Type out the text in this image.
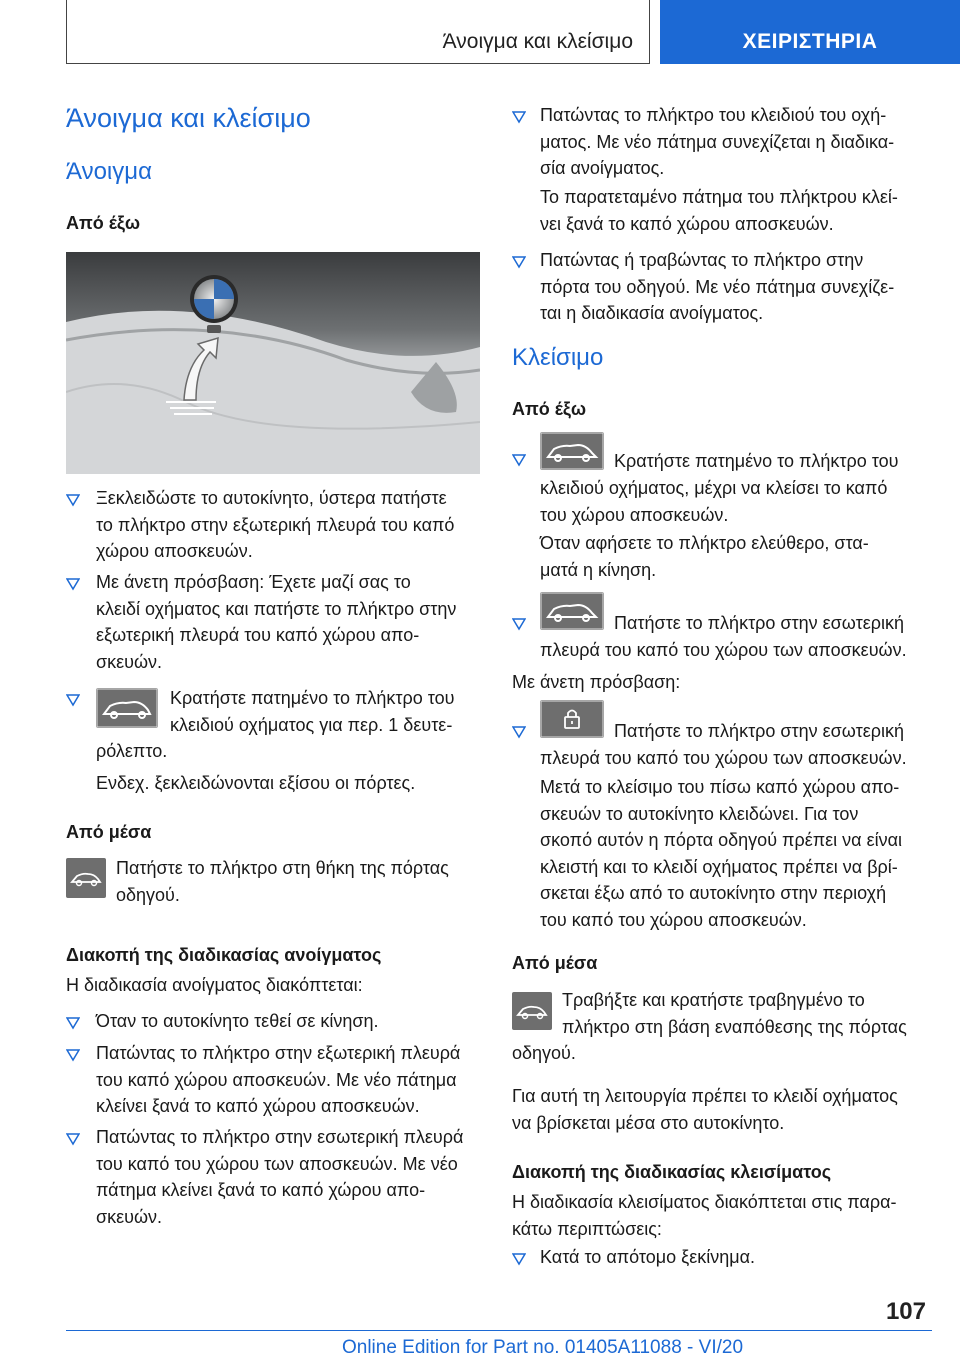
Άνοιγμα και κλείσιμο	ΧΕΙΡΙΣΤΗΡΙΑ
Άνοιγμα και κλείσιμο
Άνοιγμα
Από έξω
Ξεκλειδώστε το αυτοκίνητο, ύστερα πατήστε
το πλήκτρο στην εξωτερική πλευρά του καπό
χώρου αποσκευών.
Με άνετη πρόσβαση: Έχετε μαζί σας το
κλειδί οχήματος και πατήστε το πλήκτρο στην
εξωτερική πλευρά του καπό χώρου απο-
σκευών.
Κρατήστε πατημένο το πλήκτρο του
κλειδιού οχήματος για περ. 1 δευτε-
ρόλεπτο.
Ενδεχ. ξεκλειδώνονται εξίσου οι πόρτες.
Από μέσα
Πατήστε το πλήκτρο στη θήκη της πόρτας
οδηγού.
Διακοπή της διαδικασίας ανοίγματος
Η διαδικασία ανοίγματος διακόπτεται:
Όταν το αυτοκίνητο τεθεί σε κίνηση.
Πατώντας το πλήκτρο στην εξωτερική πλευρά
του καπό χώρου αποσκευών. Με νέο πάτημα
κλείνει ξανά το καπό χώρου αποσκευών.
Πατώντας το πλήκτρο στην εσωτερική πλευρά
του καπό του χώρου των αποσκευών. Με νέο
πάτημα κλείνει ξανά το καπό χώρου απο-
σκευών.
Πατώντας το πλήκτρο του κλειδιού του οχή-
ματος. Με νέο πάτημα συνεχίζεται η διαδικα-
σία ανοίγματος.
Το παρατεταμένο πάτημα του πλήκτρου κλεί-
νει ξανά το καπό χώρου αποσκευών.
Πατώντας ή τραβώντας το πλήκτρο στην
πόρτα του οδηγού. Με νέο πάτημα συνεχίζε-
ται η διαδικασία ανοίγματος.
Κλείσιμο
Από έξω
Κρατήστε πατημένο το πλήκτρο του
κλειδιού οχήματος, μέχρι να κλείσει το καπό
του χώρου αποσκευών.
Όταν αφήσετε το πλήκτρο ελεύθερο, στα-
ματά η κίνηση.
Πατήστε το πλήκτρο στην εσωτερική
πλευρά του καπό του χώρου των αποσκευών.
Με άνετη πρόσβαση:
Πατήστε το πλήκτρο στην εσωτερική
πλευρά του καπό του χώρου των αποσκευών.
Μετά το κλείσιμο του πίσω καπό χώρου απο-
σκευών το αυτοκίνητο κλειδώνει. Για τον
σκοπό αυτόν η πόρτα οδηγού πρέπει να είναι
κλειστή και το κλειδί οχήματος πρέπει να βρί-
σκεται έξω από το αυτοκίνητο στην περιοχή
του καπό του χώρου αποσκευών.
Από μέσα
Τραβήξτε και κρατήστε τραβηγμένο το
πλήκτρο στη βάση εναπόθεσης της πόρτας
οδηγού.
Για αυτή τη λειτουργία πρέπει το κλειδί οχήματος
να βρίσκεται μέσα στο αυτοκίνητο.
Διακοπή της διαδικασίας κλεισίματος
Η διαδικασία κλεισίματος διακόπτεται στις παρα-
κάτω περιπτώσεις:
Κατά το απότομο ξεκίνημα.
107
Online Edition for Part no. 01405A11088 - VI/20
